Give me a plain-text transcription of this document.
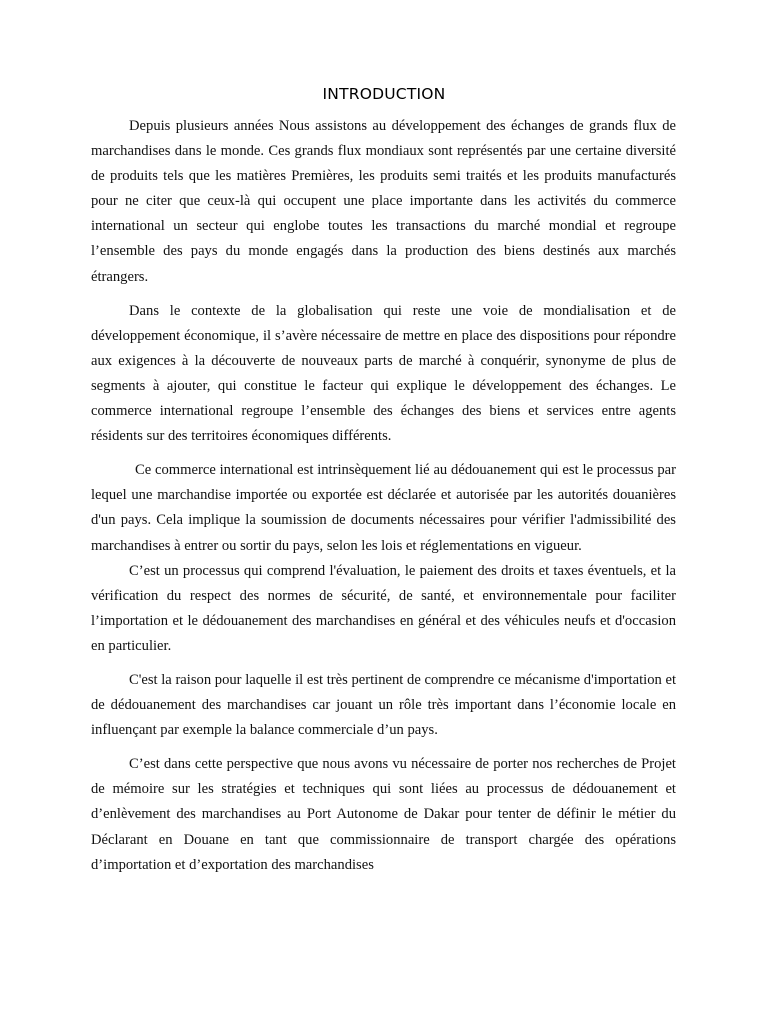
INTRODUCTION

Depuis plusieurs années Nous assistons au développement des échanges de grands flux de marchandises dans le monde. Ces grands flux mondiaux sont représentés par une certaine diversité de produits tels que les matières Premières, les produits semi traités et les produits manufacturés pour ne citer que ceux-là qui occupent une place importante dans les activités du commerce international un secteur qui englobe toutes les transactions du marché mondial et regroupe l’ensemble des pays du monde engagés dans la production des biens destinés aux marchés étrangers.

Dans le contexte de la globalisation qui reste une voie de mondialisation et de développement économique, il s’avère nécessaire de mettre en place des dispositions pour répondre aux exigences à la découverte de nouveaux parts de marché à conquérir, synonyme de plus de segments à ajouter, qui constitue le facteur qui explique le développement des échanges. Le commerce international regroupe l’ensemble des échanges des biens et services entre agents résidents sur des territoires économiques différents.

Ce commerce international est intrinsèquement lié au dédouanement qui est le processus par lequel une marchandise importée ou exportée est déclarée et autorisée par les autorités douanières d'un pays. Cela implique la soumission de documents nécessaires pour vérifier l'admissibilité des marchandises à entrer ou sortir du pays, selon les lois et réglementations en vigueur.

C’est un processus qui comprend l'évaluation, le paiement des droits et taxes éventuels, et la vérification du respect des normes de sécurité, de santé, et environnementale pour faciliter l’importation et le dédouanement des marchandises en général et des véhicules neufs et d'occasion en particulier.

C'est la raison pour laquelle il est très pertinent de comprendre ce mécanisme d'importation et de dédouanement des marchandises car jouant un rôle très important dans l’économie locale en influençant par exemple la balance commerciale d’un pays.

C’est dans cette perspective que nous avons vu nécessaire de porter nos recherches de Projet de mémoire sur les stratégies et techniques qui sont liées au processus de dédouanement et d’enlèvement des marchandises au Port Autonome de Dakar pour tenter de définir le métier du Déclarant en Douane en tant que commissionnaire de transport chargée des opérations d’importation et d’exportation des marchandises
